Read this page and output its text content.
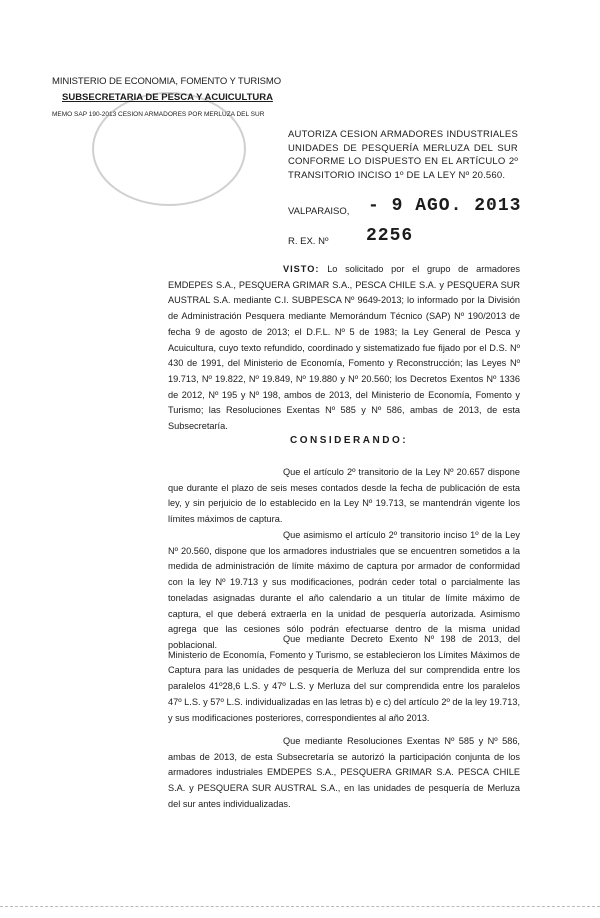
MINISTERIO DE ECONOMIA, FOMENTO Y TURISMO
SUBSECRETARIA DE PESCA Y ACUICULTURA
MEMO SAP 190-2013 CESION ARMADORES POR MERLUZA DEL SUR
AUTORIZA CESION ARMADORES INDUSTRIALES UNIDADES DE PESQUERÍA MERLUZA DEL SUR CONFORME LO DISPUESTO EN EL ARTÍCULO 2º TRANSITORIO INCISO 1º DE LA LEY Nº 20.560.
VALPARAISO, - 9 AGO. 2013
R. EX. Nº 2256
VISTO: Lo solicitado por el grupo de armadores EMDEPES S.A., PESQUERA GRIMAR S.A., PESCA CHILE S.A. y PESQUERA SUR AUSTRAL S.A. mediante C.I. SUBPESCA Nº 9649-2013; lo informado por la División de Administración Pesquera mediante Memorándum Técnico (SAP) Nº 190/2013 de fecha 9 de agosto de 2013; el D.F.L. Nº 5 de 1983; la Ley General de Pesca y Acuicultura, cuyo texto refundido, coordinado y sistematizado fue fijado por el D.S. Nº 430 de 1991, del Ministerio de Economía, Fomento y Reconstrucción; las Leyes Nº 19.713, Nº 19.822, Nº 19.849, Nº 19.880 y Nº 20.560; los Decretos Exentos Nº 1336 de 2012, Nº 195 y Nº 198, ambos de 2013, del Ministerio de Economía, Fomento y Turismo; las Resoluciones Exentas Nº 585 y Nº 586, ambas de 2013, de esta Subsecretaría.
CONSIDERANDO:
Que el artículo 2º transitorio de la Ley Nº 20.657 dispone que durante el plazo de seis meses contados desde la fecha de publicación de esta ley, y sin perjuicio de lo establecido en la Ley Nº 19.713, se mantendrán vigente los límites máximos de captura.
Que asimismo el artículo 2º transitorio inciso 1º de la Ley Nº 20.560, dispone que los armadores industriales que se encuentren sometidos a la medida de administración de límite máximo de captura por armador de conformidad con la ley Nº 19.713 y sus modificaciones, podrán ceder total o parcialmente las toneladas asignadas durante el año calendario a un titular de límite máximo de captura, el que deberá extraerla en la unidad de pesquería autorizada. Asimismo agrega que las cesiones sólo podrán efectuarse dentro de la misma unidad poblacional.
Que mediante Decreto Exento Nº 198 de 2013, del Ministerio de Economía, Fomento y Turismo, se establecieron los Límites Máximos de Captura para las unidades de pesquería de Merluza del sur comprendida entre los paralelos 41º28,6 L.S. y 47º L.S. y Merluza del sur comprendida entre los paralelos 47º L.S. y 57º L.S. individualizadas en las letras b) e c) del artículo 2º de la ley 19.713, y sus modificaciones posteriores, correspondientes al año 2013.
Que mediante Resoluciones Exentas Nº 585 y Nº 586, ambas de 2013, de esta Subsecretaría se autorizó la participación conjunta de los armadores industriales EMDEPES S.A., PESQUERA GRIMAR S.A. PESCA CHILE S.A. y PESQUERA SUR AUSTRAL S.A., en las unidades de pesquería de Merluza del sur antes individualizadas.
